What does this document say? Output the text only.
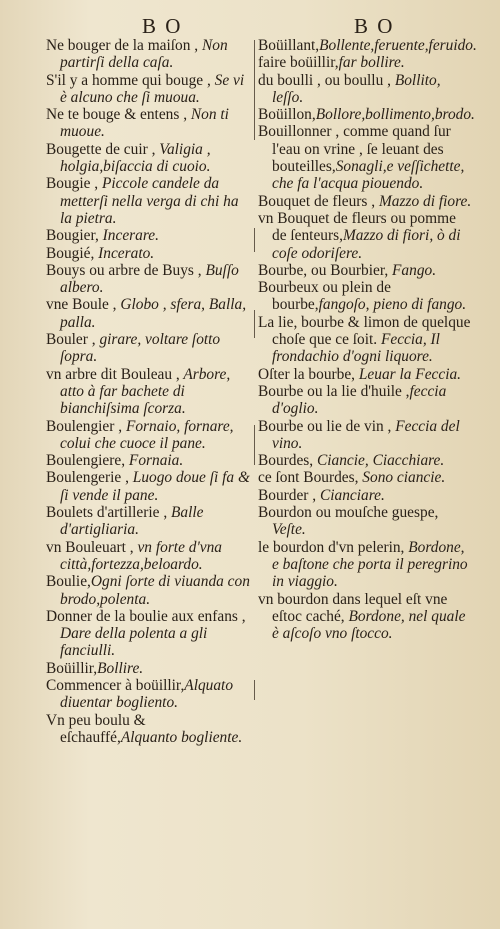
B O	B O

Ne bouger de la maiſon , Non partirſi della caſa.

S'il y a homme qui bouge , Se vi è alcuno che ſi muoua.

Ne te bouge & entens , Non ti muoue.

Bougette de cuir , Valigia , holgia,biſaccia di cuoio.

Bougie , Piccole candele da metterſi nella verga di chi ha la pietra.

Bougier, Incerare.

Bougié, Incerato.

Bouys ou arbre de Buys , Buſſo albero.

vne Boule , Globo , sfera, Balla, palla.

Bouler , girare, voltare ſotto ſopra.

vn arbre dit Bouleau , Arbore, atto à far bachete di bianchiſsima ſcorza.

Boulengier , Fornaio, fornare, colui che cuoce il pane.

Boulengiere, Fornaia.

Boulengerie , Luogo doue ſi fa & ſi vende il pane.

Boulets d'artillerie , Balle d'artigliaria.

vn Bouleuart , vn forte d'vna città,fortezza,beloardo.

Boulie,Ogni ſorte di viuanda con brodo,polenta.

Donner de la boulie aux enfans , Dare della polenta a gli fanciulli.

Boüillir,Bollire.

Commencer à boüillir,Alquato diuentar bogliento.

Vn peu boulu & eſchauffé,Alquanto bogliente.

Boüillant,Bollente,feruente,feruido.

faire boüillir,far bollire.

du boulli , ou boullu , Bollito, leſſo.

Boüillon,Bollore,bollimento,brodo.

Bouillonner , comme quand ſur l'eau on vrine , ſe leuant des bouteilles,Sonagli,e veſſichette, che fa l'acqua piouendo.

Bouquet de fleurs , Mazzo di fiore.

vn Bouquet de fleurs ou pomme de ſenteurs,Mazzo di fiori, ò di coſe odoriſere.

Bourbe, ou Bourbier, Fango.

Bourbeux ou plein de bourbe,fangoſo, pieno di fango.

La lie, bourbe & limon de quelque choſe que ce ſoit. Feccia, Il frondachio d'ogni liquore.

Oſter la bourbe, Leuar la Feccia.

Bourbe ou la lie d'huile ,feccia d'oglio.

Bourbe ou lie de vin , Feccia del vino.

Bourdes, Ciancie, Ciacchiare.

ce ſont Bourdes, Sono ciancie.

Bourder , Cianciare.

Bourdon ou mouſche guespe, Veſte.

le bourdon d'vn pelerin, Bordone, e baſtone che porta il peregrino in viaggio.

vn bourdon dans lequel eſt vne eſtoc caché, Bordone, nel quale è aſcoſo vno ſtocco.
